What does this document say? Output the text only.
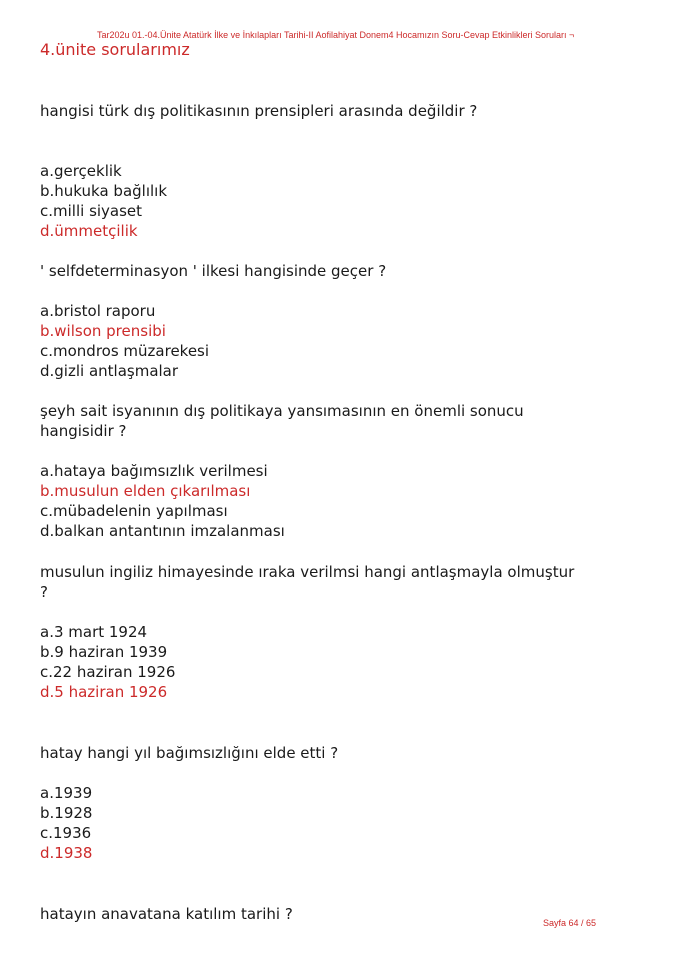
Tar202u 01.-04.Ünite Atatürk İlke ve İnkılapları Tarihi-II Aofilahiyat Donem4 Hocamızın Soru-Cevap Etkinlikleri Soruları ¬
4.ünite sorularımız
hangisi türk dış politikasının prensipleri arasında değildir ?
a.gerçeklik
b.hukuka bağlılık
c.milli siyaset
d.ümmetçilik
' selfdeterminasyon ' ilkesi hangisinde geçer ?
a.bristol raporu
b.wilson prensibi
c.mondros müzarekesi
d.gizli antlaşmalar
şeyh sait isyanının dış politikaya yansımasının en önemli sonucu
hangisidir ?
a.hataya bağımsızlık verilmesi
b.musulun elden çıkarılması
c.mübadelenin yapılması
d.balkan antantının imzalanması
musulun ingiliz himayesinde ıraka verilmsi hangi antlaşmayla olmuştur
?
a.3 mart 1924
b.9 haziran 1939
c.22 haziran 1926
d.5 haziran 1926
hatay hangi yıl bağımsızlığını elde etti ?
a.1939
b.1928
c.1936
d.1938
hatayın anavatana katılım tarihi ?	Sayfa 64 / 65
